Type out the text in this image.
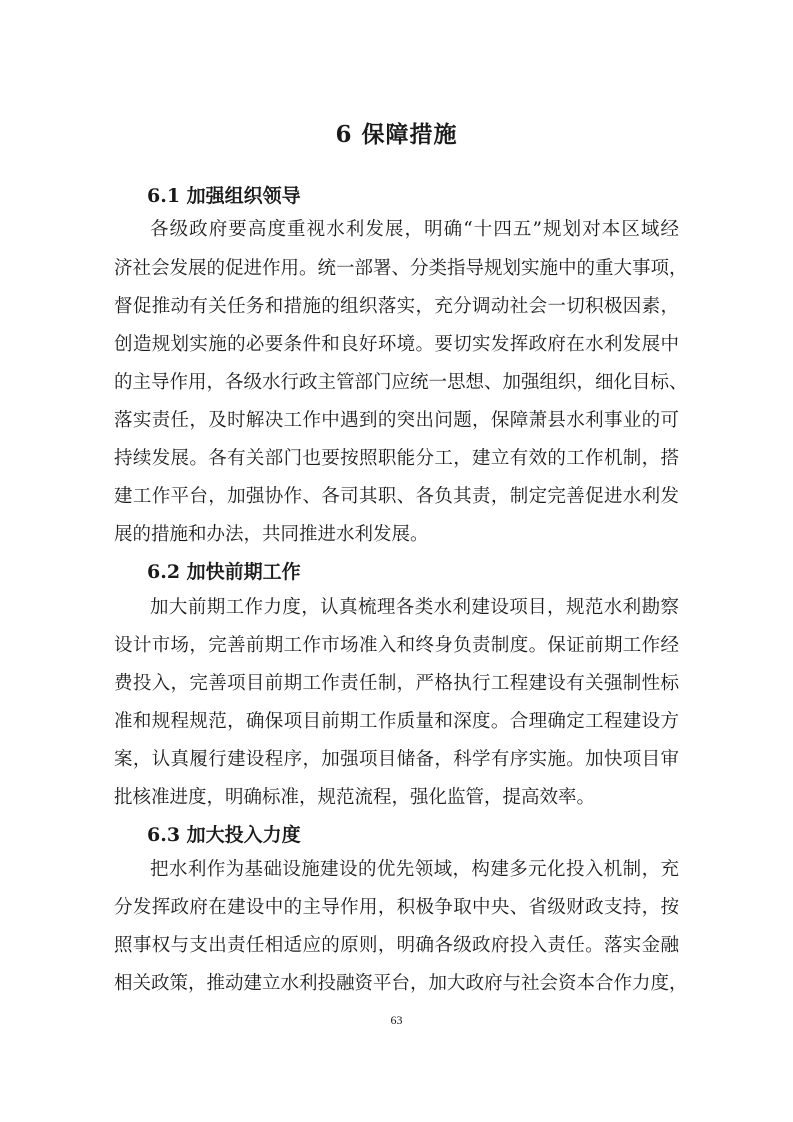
6 保障措施
6.1 加强组织领导

各级政府要高度重视水利发展，明确“十四五”规划对本区域经

济社会发展的促进作用。统一部署、分类指导规划实施中的重大事项，

督促推动有关任务和措施的组织落实，充分调动社会一切积极因素，

创造规划实施的必要条件和良好环境。要切实发挥政府在水利发展中

的主导作用，各级水行政主管部门应统一思想、加强组织，细化目标、

落实责任，及时解决工作中遇到的突出问题，保障萧县水利事业的可

持续发展。各有关部门也要按照职能分工，建立有效的工作机制，搭

建工作平台，加强协作、各司其职、各负其责，制定完善促进水利发

展的措施和办法，共同推进水利发展。

6.2 加快前期工作

加大前期工作力度，认真梳理各类水利建设项目，规范水利勘察

设计市场，完善前期工作市场准入和终身负责制度。保证前期工作经

费投入，完善项目前期工作责任制，严格执行工程建设有关强制性标

准和规程规范，确保项目前期工作质量和深度。合理确定工程建设方

案，认真履行建设程序，加强项目储备，科学有序实施。加快项目审

批核准进度，明确标准，规范流程，强化监管，提高效率。

6.3 加大投入力度

把水利作为基础设施建设的优先领域，构建多元化投入机制，充

分发挥政府在建设中的主导作用，积极争取中央、省级财政支持，按

照事权与支出责任相适应的原则，明确各级政府投入责任。落实金融

相关政策，推动建立水利投融资平台，加大政府与社会资本合作力度，

63
